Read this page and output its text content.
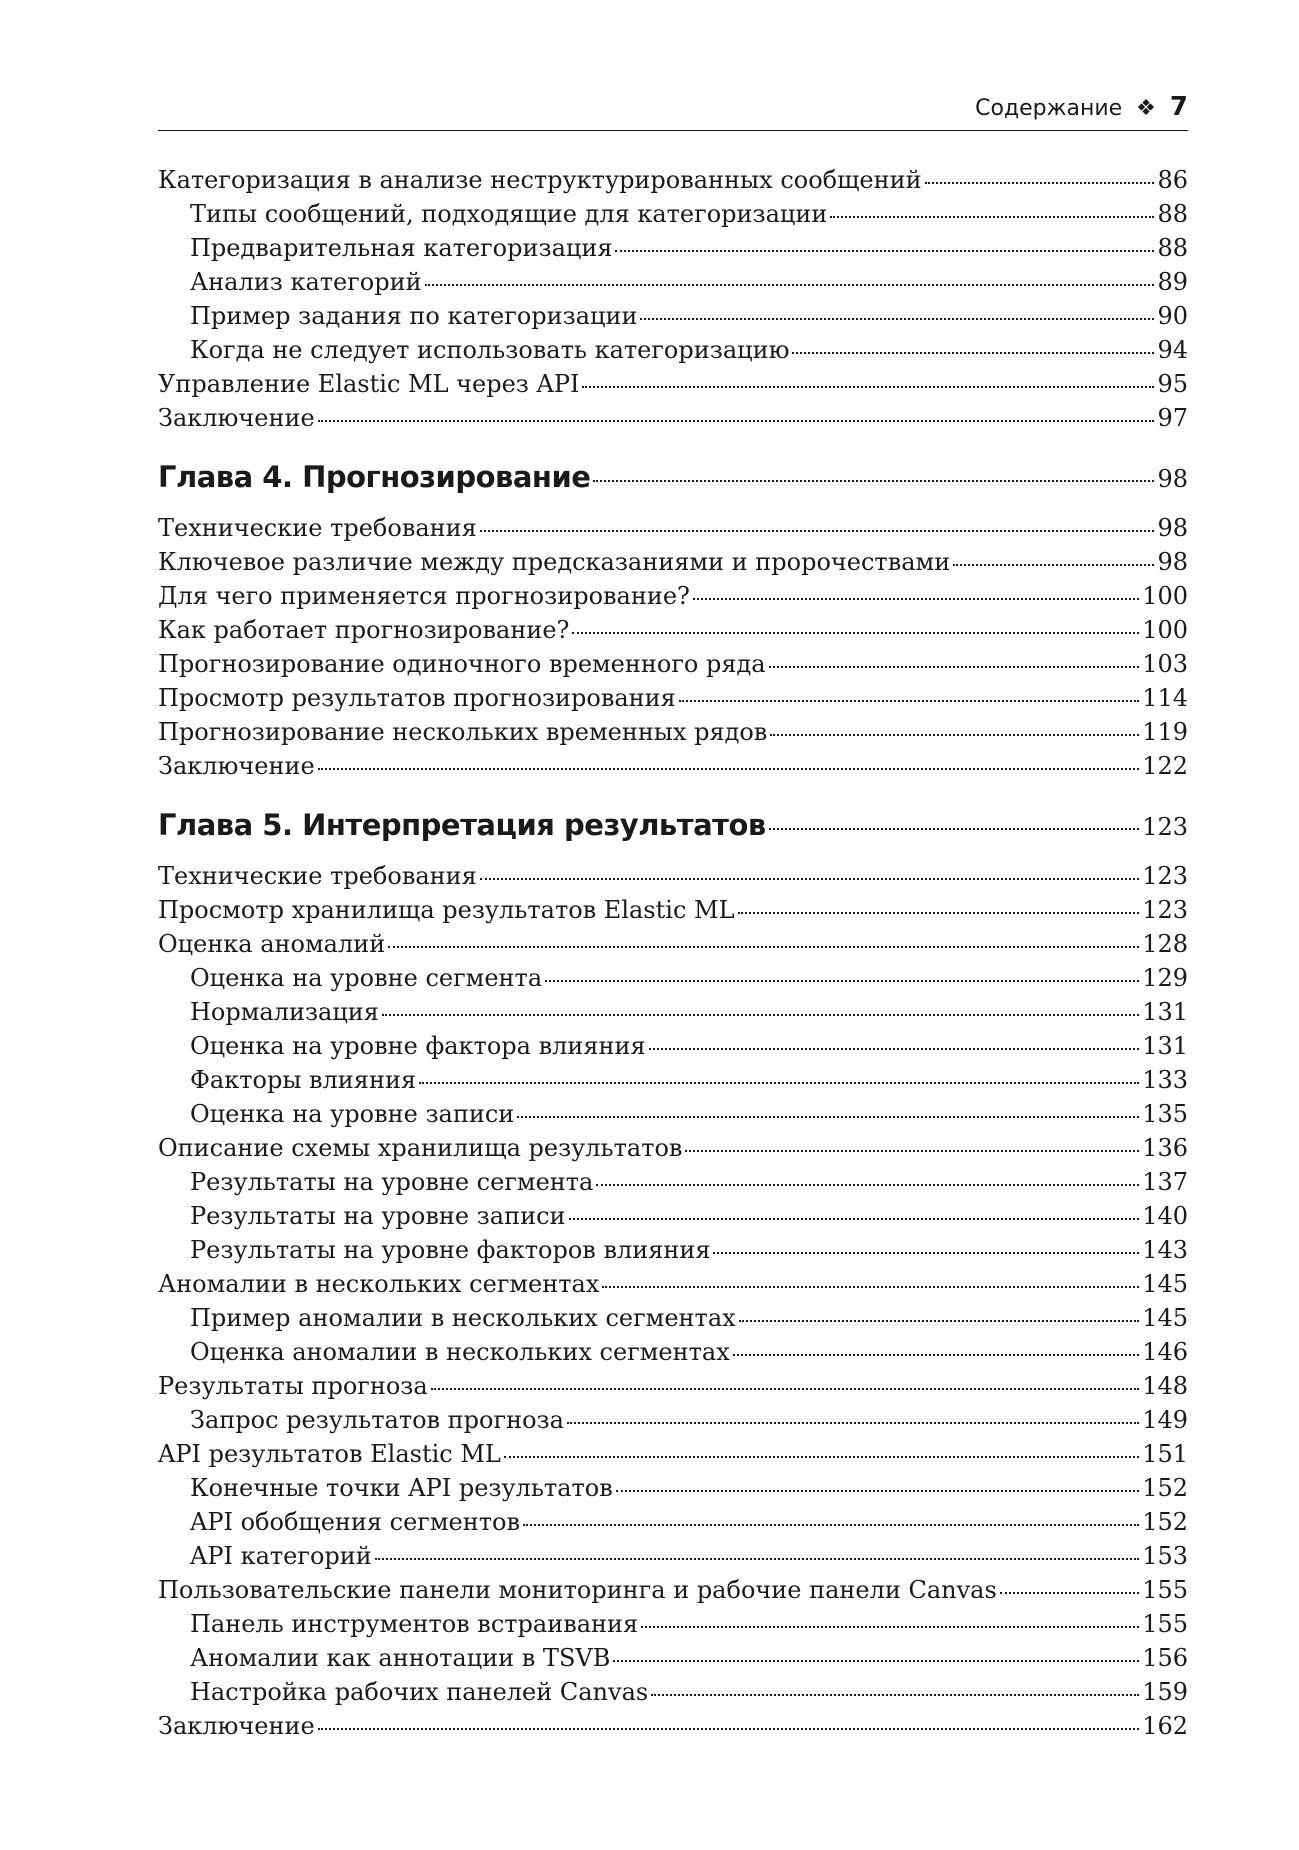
Содержание ❖ 7
Категоризация в анализе неструктурированных сообщений	86
Типы сообщений, подходящие для категоризации	88
Предварительная категоризация	88
Анализ категорий	89
Пример задания по категоризации	90
Когда не следует использовать категоризацию	94
Управление Elastic ML через API	95
Заключение	97
Глава 4. Прогнозирование	98
Технические требования	98
Ключевое различие между предсказаниями и пророчествами	98
Для чего применяется прогнозирование?	100
Как работает прогнозирование?	100
Прогнозирование одиночного временного ряда	103
Просмотр результатов прогнозирования	114
Прогнозирование нескольких временных рядов	119
Заключение	122
Глава 5. Интерпретация результатов	123
Технические требования	123
Просмотр хранилища результатов Elastic ML	123
Оценка аномалий	128
Оценка на уровне сегмента	129
Нормализация	131
Оценка на уровне фактора влияния	131
Факторы влияния	133
Оценка на уровне записи	135
Описание схемы хранилища результатов	136
Результаты на уровне сегмента	137
Результаты на уровне записи	140
Результаты на уровне факторов влияния	143
Аномалии в нескольких сегментах	145
Пример аномалии в нескольких сегментах	145
Оценка аномалии в нескольких сегментах	146
Результаты прогноза	148
Запрос результатов прогноза	149
API результатов Elastic ML	151
Конечные точки API результатов	152
API обобщения сегментов	152
API категорий	153
Пользовательские панели мониторинга и рабочие панели Canvas	155
Панель инструментов встраивания	155
Аномалии как аннотации в TSVB	156
Настройка рабочих панелей Canvas	159
Заключение	162
